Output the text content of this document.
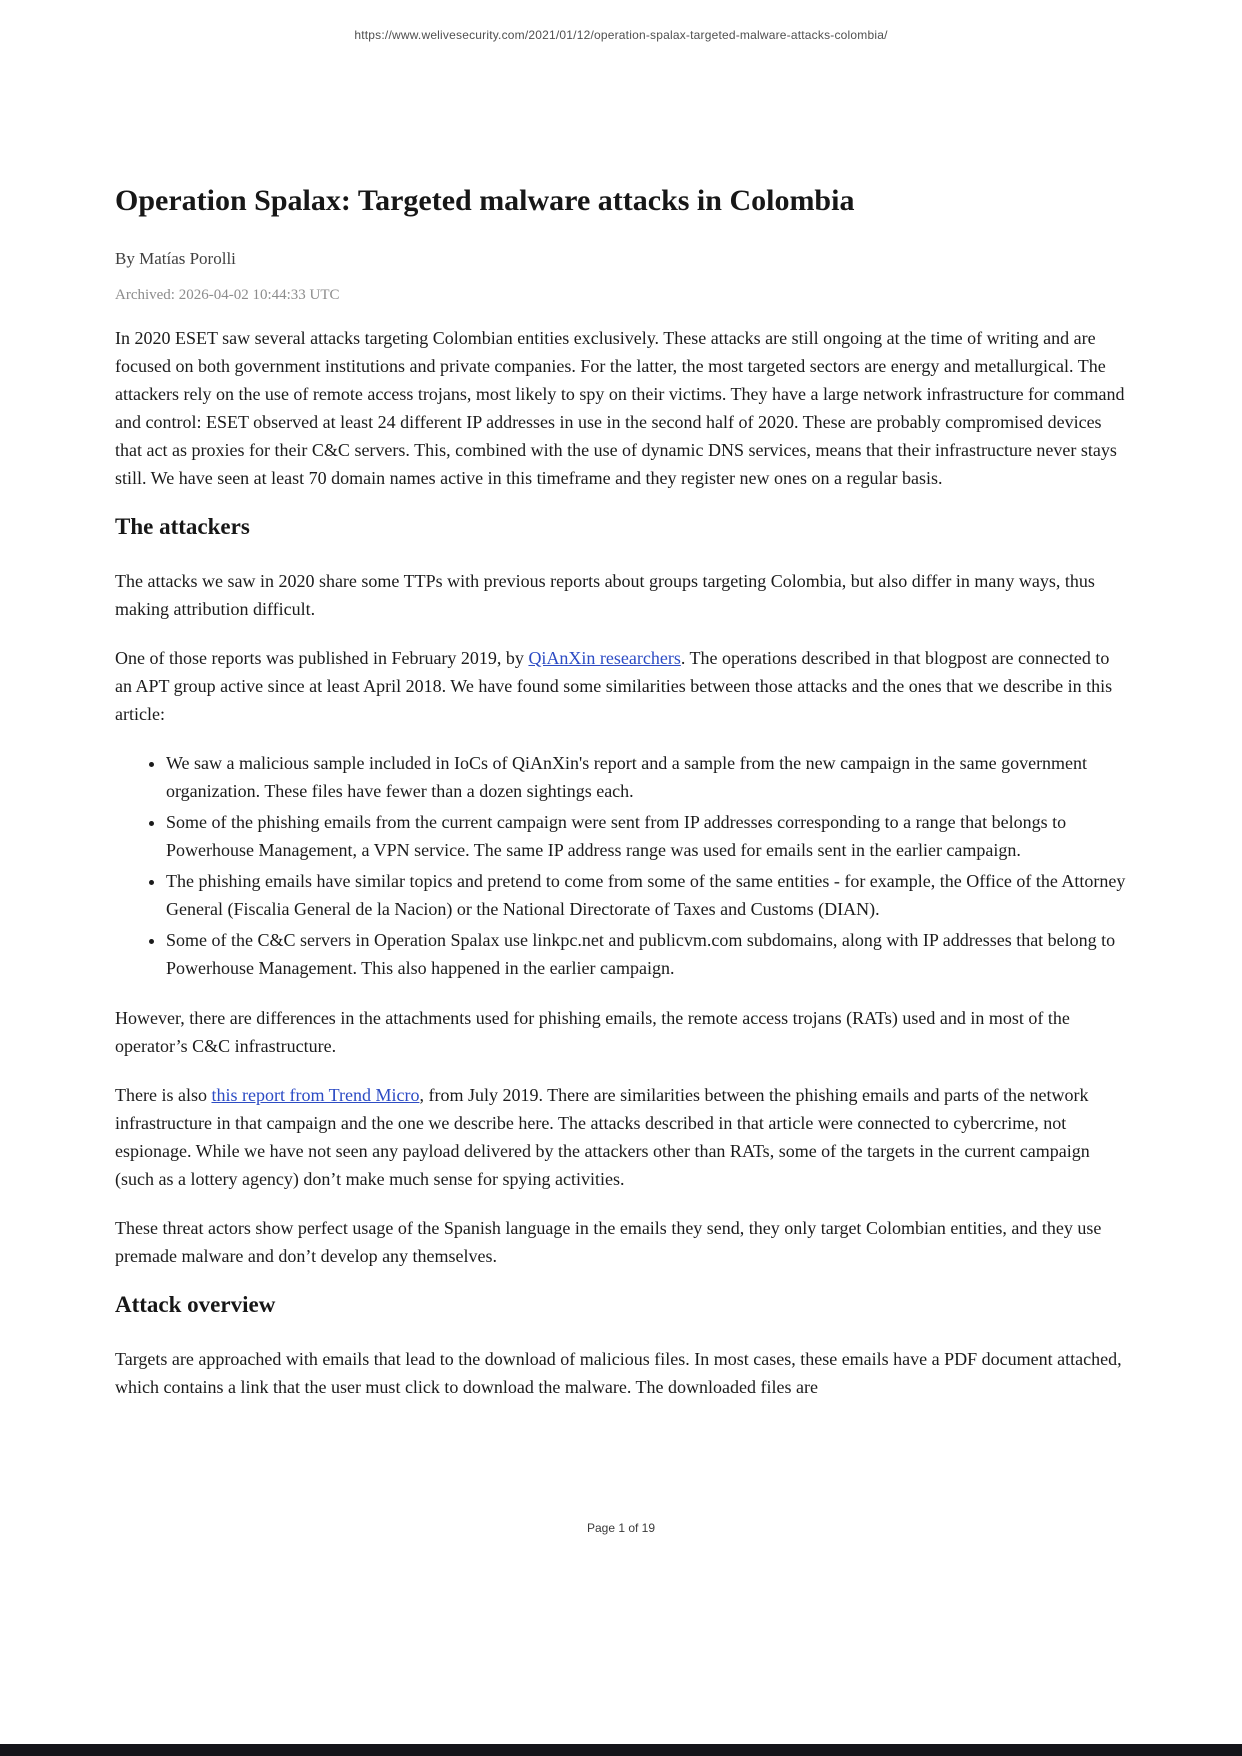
https://www.welivesecurity.com/2021/01/12/operation-spalax-targeted-malware-attacks-colombia/
Operation Spalax: Targeted malware attacks in Colombia
By Matías Porolli
Archived: 2026-04-02 10:44:33 UTC

In 2020 ESET saw several attacks targeting Colombian entities exclusively. These attacks are still ongoing at the time of writing and are focused on both government institutions and private companies. For the latter, the most targeted sectors are energy and metallurgical. The attackers rely on the use of remote access trojans, most likely to spy on their victims. They have a large network infrastructure for command and control: ESET observed at least 24 different IP addresses in use in the second half of 2020. These are probably compromised devices that act as proxies for their C&C servers. This, combined with the use of dynamic DNS services, means that their infrastructure never stays still. We have seen at least 70 domain names active in this timeframe and they register new ones on a regular basis.

The attackers

The attacks we saw in 2020 share some TTPs with previous reports about groups targeting Colombia, but also differ in many ways, thus making attribution difficult.

One of those reports was published in February 2019, by QiAnXin researchers. The operations described in that blogpost are connected to an APT group active since at least April 2018. We have found some similarities between those attacks and the ones that we describe in this article:

• We saw a malicious sample included in IoCs of QiAnXin's report and a sample from the new campaign in the same government organization. These files have fewer than a dozen sightings each.
• Some of the phishing emails from the current campaign were sent from IP addresses corresponding to a range that belongs to Powerhouse Management, a VPN service. The same IP address range was used for emails sent in the earlier campaign.
• The phishing emails have similar topics and pretend to come from some of the same entities - for example, the Office of the Attorney General (Fiscalia General de la Nacion) or the National Directorate of Taxes and Customs (DIAN).
• Some of the C&C servers in Operation Spalax use linkpc.net and publicvm.com subdomains, along with IP addresses that belong to Powerhouse Management. This also happened in the earlier campaign.

However, there are differences in the attachments used for phishing emails, the remote access trojans (RATs) used and in most of the operator’s C&C infrastructure.

There is also this report from Trend Micro, from July 2019. There are similarities between the phishing emails and parts of the network infrastructure in that campaign and the one we describe here. The attacks described in that article were connected to cybercrime, not espionage. While we have not seen any payload delivered by the attackers other than RATs, some of the targets in the current campaign (such as a lottery agency) don’t make much sense for spying activities.

These threat actors show perfect usage of the Spanish language in the emails they send, they only target Colombian entities, and they use premade malware and don’t develop any themselves.

Attack overview

Targets are approached with emails that lead to the download of malicious files. In most cases, these emails have a PDF document attached, which contains a link that the user must click to download the malware. The downloaded files are

Page 1 of 19
